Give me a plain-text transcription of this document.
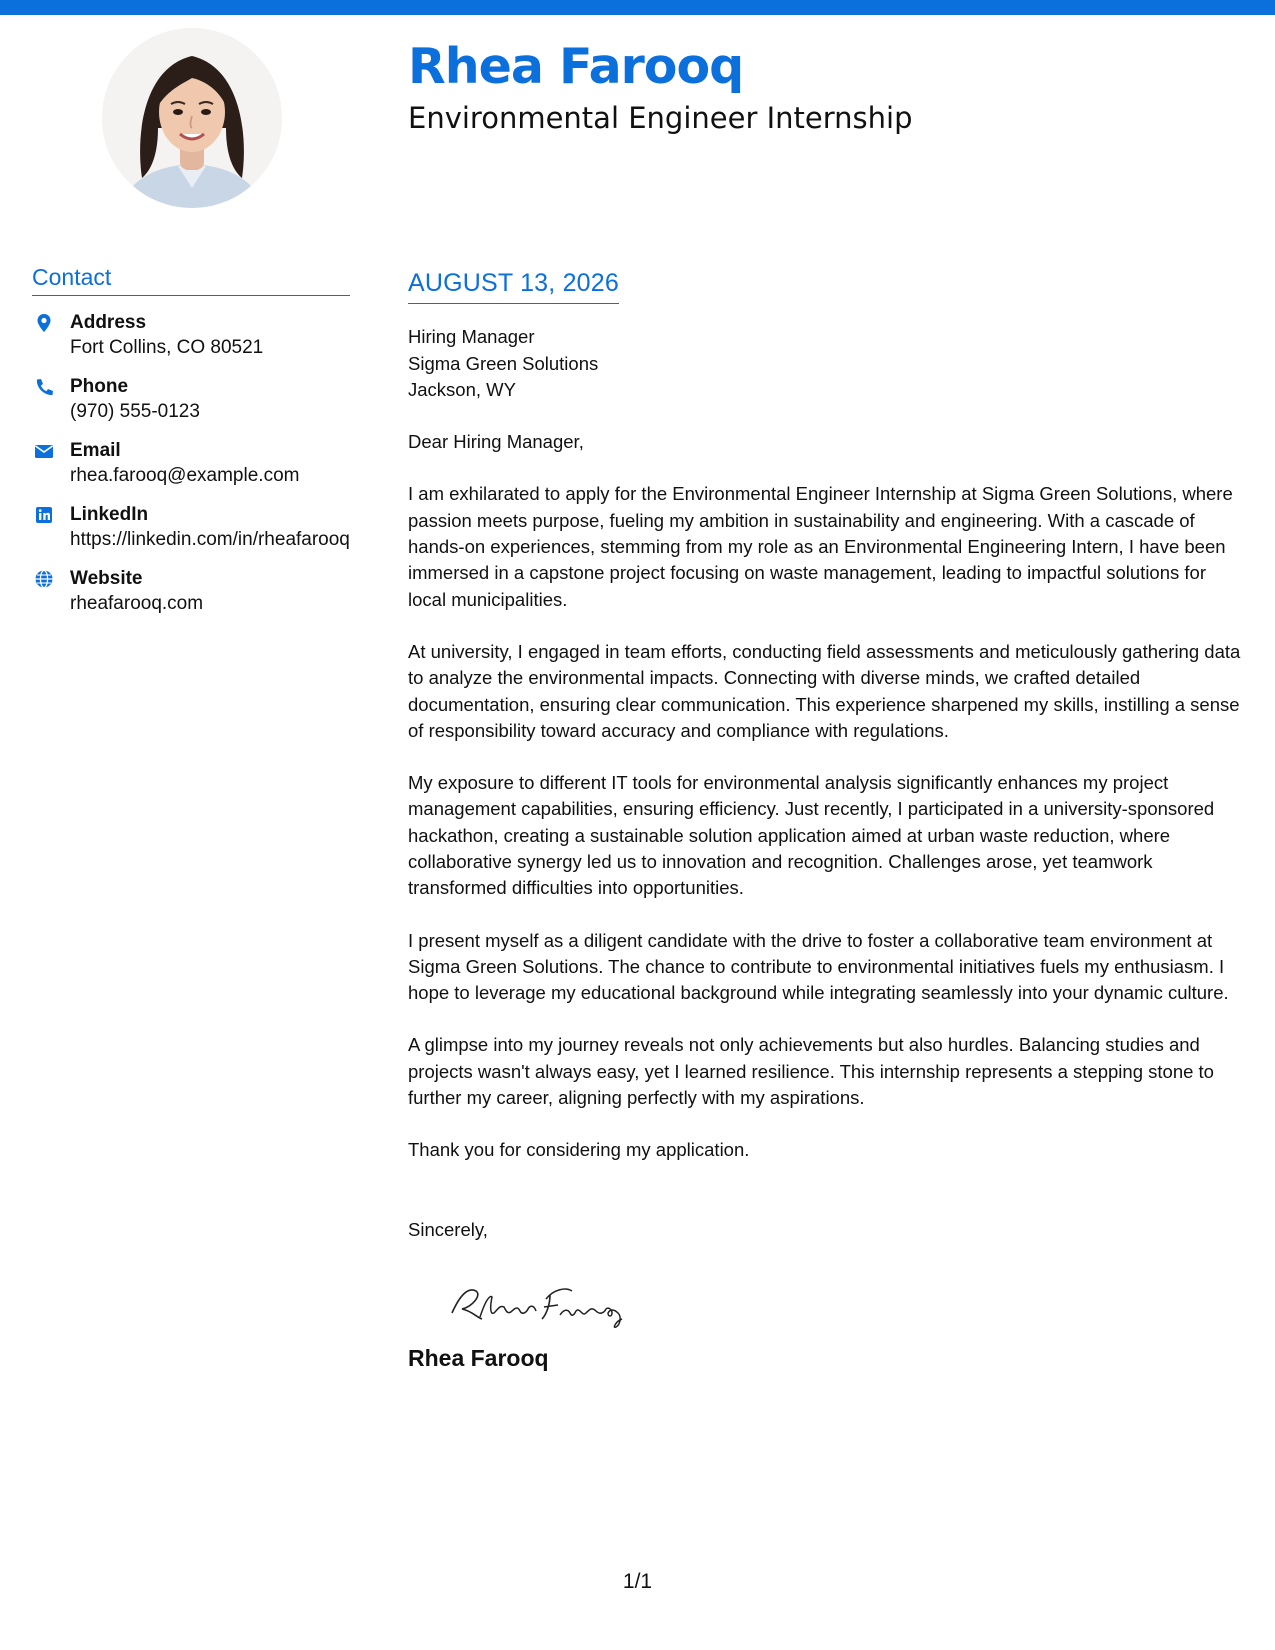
Rhea Farooq
Environmental Engineer Internship
Contact
Address
Fort Collins, CO 80521
Phone
(970) 555-0123
Email
rhea.farooq@example.com
LinkedIn
https://linkedin.com/in/rheafarooq
Website
rheafarooq.com
AUGUST 13, 2026
Hiring Manager
Sigma Green Solutions
Jackson, WY
Dear Hiring Manager,
I am exhilarated to apply for the Environmental Engineer Internship at Sigma Green Solutions, where passion meets purpose, fueling my ambition in sustainability and engineering. With a cascade of hands-on experiences, stemming from my role as an Environmental Engineering Intern, I have been immersed in a capstone project focusing on waste management, leading to impactful solutions for local municipalities.
At university, I engaged in team efforts, conducting field assessments and meticulously gathering data to analyze the environmental impacts. Connecting with diverse minds, we crafted detailed documentation, ensuring clear communication. This experience sharpened my skills, instilling a sense of responsibility toward accuracy and compliance with regulations.
My exposure to different IT tools for environmental analysis significantly enhances my project management capabilities, ensuring efficiency. Just recently, I participated in a university-sponsored hackathon, creating a sustainable solution application aimed at urban waste reduction, where collaborative synergy led us to innovation and recognition. Challenges arose, yet teamwork transformed difficulties into opportunities.
I present myself as a diligent candidate with the drive to foster a collaborative team environment at Sigma Green Solutions. The chance to contribute to environmental initiatives fuels my enthusiasm. I hope to leverage my educational background while integrating seamlessly into your dynamic culture.
A glimpse into my journey reveals not only achievements but also hurdles. Balancing studies and projects wasn't always easy, yet I learned resilience. This internship represents a stepping stone to further my career, aligning perfectly with my aspirations.
Thank you for considering my application.
Sincerely,
Rhea Farooq
1/1
